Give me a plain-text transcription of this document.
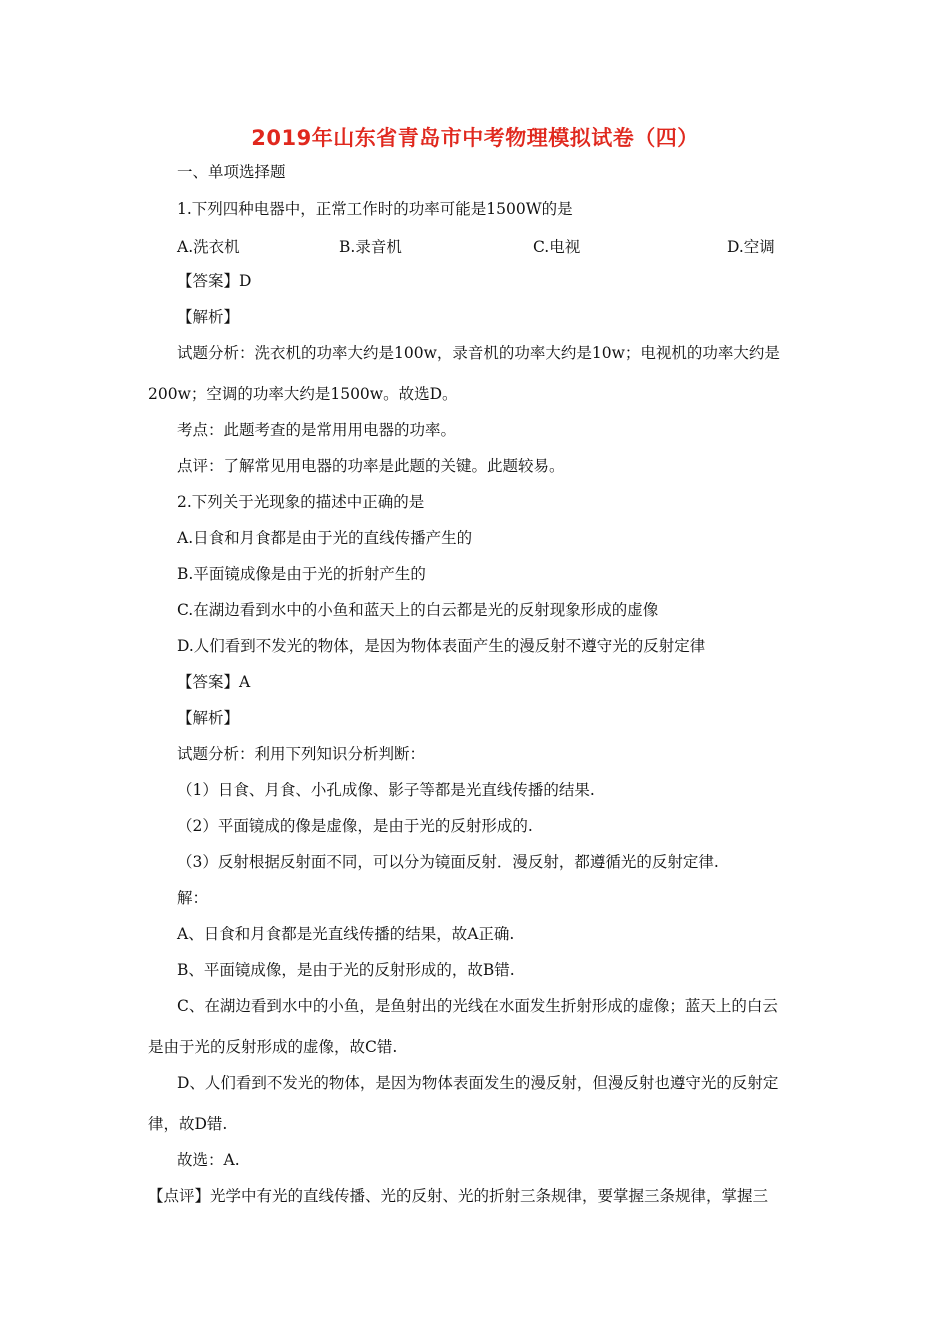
2019年山东省青岛市中考物理模拟试卷（四）
一、单项选择题
1.下列四种电器中，正常工作时的功率可能是1500W的是
A.洗衣机	B.录音机	C.电视	D.空调
【答案】D
【解析】
试题分析：洗衣机的功率大约是100w，录音机的功率大约是10w；电视机的功率大约是
200w；空调的功率大约是1500w。故选D。
考点：此题考查的是常用用电器的功率。
点评：了解常见用电器的功率是此题的关键。此题较易。
2.下列关于光现象的描述中正确的是
A.日食和月食都是由于光的直线传播产生的
B.平面镜成像是由于光的折射产生的
C.在湖边看到水中的小鱼和蓝天上的白云都是光的反射现象形成的虚像
D.人们看到不发光的物体，是因为物体表面产生的漫反射不遵守光的反射定律
【答案】A
【解析】
试题分析：利用下列知识分析判断：
（1）日食、月食、小孔成像、影子等都是光直线传播的结果.
（2）平面镜成的像是虚像，是由于光的反射形成的.
（3）反射根据反射面不同，可以分为镜面反射．漫反射，都遵循光的反射定律.
解：
A、日食和月食都是光直线传播的结果，故A正确.
B、平面镜成像，是由于光的反射形成的，故B错.
C、在湖边看到水中的小鱼，是鱼射出的光线在水面发生折射形成的虚像；蓝天上的白云
是由于光的反射形成的虚像，故C错.
D、人们看到不发光的物体，是因为物体表面发生的漫反射，但漫反射也遵守光的反射定
律，故D错.
故选：A.
【点评】光学中有光的直线传播、光的反射、光的折射三条规律，要掌握三条规律，掌握三
